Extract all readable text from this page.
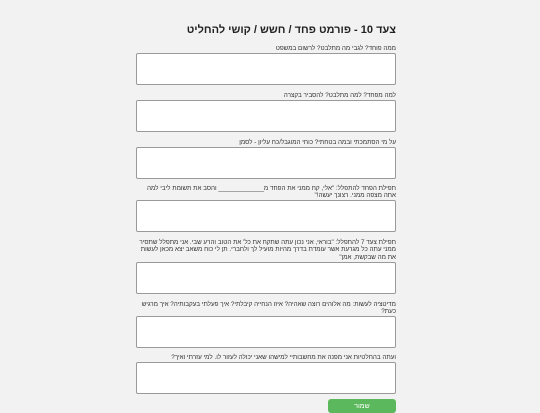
צעד 10 - פורמט פחד / חשש / קושי להחליט
ממה פוחד? לגבי מה מתלבט? לרשום במשפט
למה מפחד? למה מתלבט? להסביר בקצרה
על מי הסתמכתי ובמה בטחתי? כוחי המוגבל/כח עליון - לסמן
תפילת הפחד להתפלל: "אלי, קח ממני את הפחד מ_____________ והסב את תשומת ליבי למה אתה מצפה ממני. רצונך יעשה!"
תפילת צעד 7 להתפלל: "בוראי, אני נכון עתה שתקח את כל' את הטוב והרע שבי. אני מתפלל שתסיר ממני עתה כל מגרעת אשר עומדת בדרך מהיות מועיל לך ולחברי. תן לי כוח משאב יצא מכאן לעשות את מה שבקשת, אמן"
מדיטציה לעשות: מה אלוהים רוצה שאהיה? איזו הנחייה קיבלתי? איך פעלתי בעקבותיה? איך מרגיש כעת?
ועתה בהחלטיות אני מפנה את מחשבותיי למישהו שאני יכולה לעזור לו. למי עזרתי ואיך?
שמור
